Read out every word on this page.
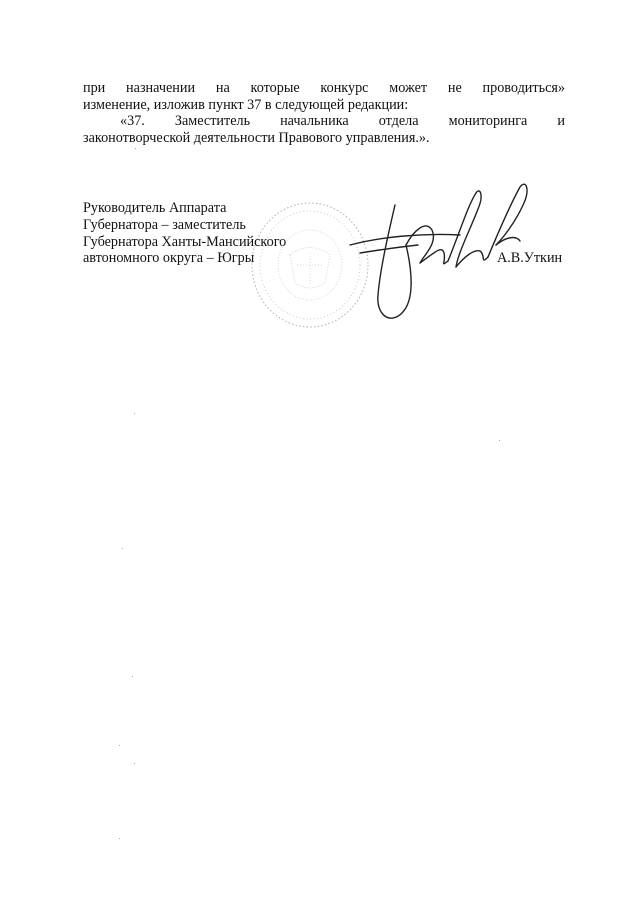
при назначении на которые конкурс может не проводиться»
изменение, изложив пункт 37 в следующей редакции:
«37. Заместитель начальника отдела мониторинга и
законотворческой деятельности Правового управления.».
Руководитель Аппарата
Губернатора – заместитель
Губернатора Ханты-Мансийского
автономного округа – Югры	А.В.Уткин
